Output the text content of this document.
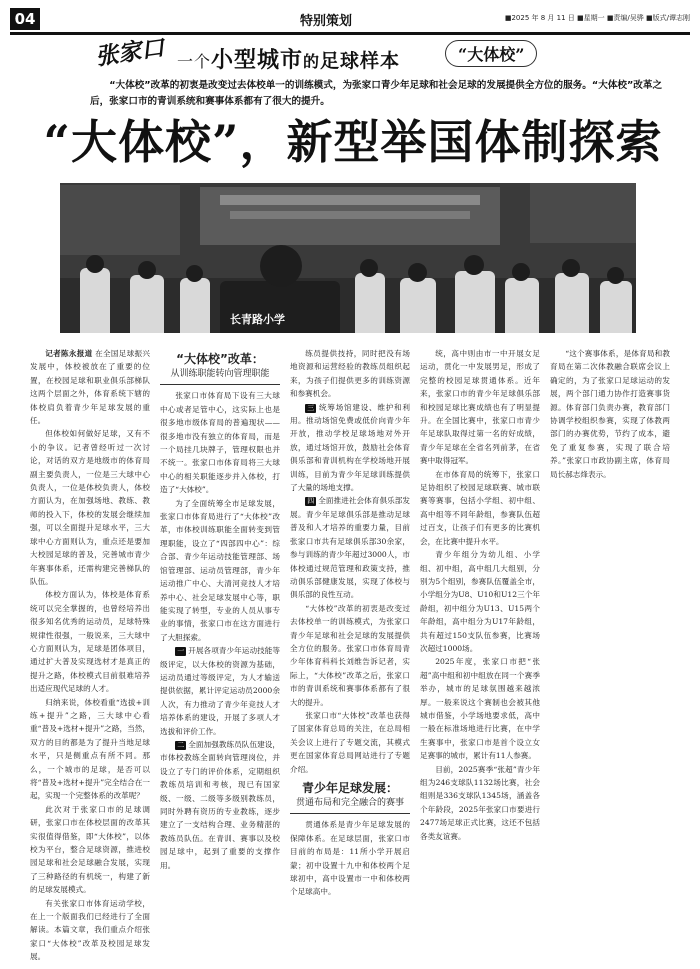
04	特别策划	■2025 年 8 月 11 日 ■星期一 ■责编/吴骅 ■版式/谭志刚
张家口 一个小型城市的足球样本	“大体校”
“大体校”改革的初衷是改变过去体校单一的训练模式，为张家口青少年足球和社会足球的发展提供全方位的服务。“大体校”改革之后，张家口市的青训系统和赛事体系都有了很大的提升。
“大体校”，新型举国体制探索
长青路小学

记者陈永报道 在全国足球振兴发展中，体校被放在了重要的位置，在校园足球和职业俱乐部梯队这两个层面之外，体育系统下辖的体校肩负着青少年足球发展的重任。

但体校如何做好足球，又有不小的争议。记者曾经听过一次讨论，对话的双方是地级市的体育局副主要负责人，一位是三大球中心负责人，一位是体校负责人，体校方面认为，在加强场地、教练、教师的投入下，体校的发展会继续加强，可以全面提升足球水平，三大球中心方面则认为，重点还是要加大校园足球的普及，完善城市青少年赛事体系，还需构建完善梯队的队伍。

体校方面认为，体校是体育系统可以完全掌握的，也曾经培养出很多知名优秀的运动员，足球特殊规律性很强，一般说来，三大球中心方面则认为，足球是团体项目，通过扩大普及实现选材才是真正的提升之路，体校模式目前很难培养出适应现代足球的人才。

归纳来说，体校看重“选拔+训练+提升”之路，三大球中心看重“普及+选材+提升”之路，当然，双方的目的都是为了提升当地足球水平，只是侧重点有所不同。那么，一个城市的足球，是否可以将“普及+选材+提升”完全结合在一起，实现一个完整体系的改革呢？

此次对于张家口市的足球调研，张家口市在体校层面的改革其实很值得借鉴，即“大体校”，以体校为平台，整合足球资源，推进校园足球和社会足球融合发展，实现了三种路径的有机统一，构建了新的足球发展模式。

有关张家口市体育运动学校，在上一个版面我们已经进行了全面解读。本篇文章，我们重点介绍张家口“大体校”改革及校园足球发展。

“大体校”改革：
从训练职能转向管理职能

张家口市体育局下设有三大球中心或者足管中心，这实际上也是很多地市级体育局的普遍现状——很多地市没有独立的体育局，而是一个局挂几块牌子，管理权限也并不统一。张家口市体育局将三大球中心的相关职能逐步并入体校，打造了“大体校”。

为了全面统筹全市足球发展，张家口市体育局进行了“大体校”改革，市体校训练职能全面转变到管理职能，设立了“四部四中心”：综合部、青少年运动技能管理部、场馆管理部、运动员管理部，青少年运动推广中心、大清河竞技人才培养中心、社会足球发展中心等，职能实现了转型，专业的人员从事专业的事情，张家口市在这方面进行了大胆探索。

一 开展各项青少年运动技能等级评定，以大体校的资源为基础，运动员通过等级评定，为人才输送提供依据，累计评定运动员2000余人次，有力推动了青少年竞技人才培养体系的建设，开展了多项人才选拔和评价工作。

二 全面加强教练员队伍建设，市体校教练全面转向管理岗位，并设立了专门的评价体系，定期组织教练员培训和考核，现已有国家级、一级、二级等多级别教练员，同时外聘有资历的专业教练，逐步建立了一支结构合理、业务精湛的教练员队伍。在青训、赛事以及校园足球中，起到了重要的支撑作用。

练员提供技持，同时把没有场地资源和运营经验的教练员组织起来，为孩子们提供更多的训练资源和参赛机会。

三 统筹场馆建设、维护和利用。推动场馆免费或低价向青少年开放，推动学校足球场地对外开放，通过场馆开放，鼓励社会体育俱乐部和青训机构在学校场地开展训练，目前为青少年足球训练提供了大量的场地支撑。

四 全面推进社会体育俱乐部发展。青少年足球俱乐部是推动足球普及和人才培养的重要力量，目前张家口市共有足球俱乐部30余家，参与训练的青少年超过3000人，市体校通过规范管理和政策支持，推动俱乐部健康发展，实现了体校与俱乐部的良性互动。

“大体校”改革的初衷是改变过去体校单一的训练模式，为张家口青少年足球和社会足球的发展提供全方位的服务。张家口市体育局青少年体育科科长刘维告诉记者，实际上，“大体校”改革之后，张家口市的青训系统和赛事体系都有了很大的提升。

张家口市“大体校”改革也获得了国家体育总局的关注，在总局相关会议上进行了专题交流，其模式更在国家体育总局网站进行了专题介绍。

青少年足球发展：
贯通布局和完全融合的赛事

贯通体系是青少年足球发展的保障体系。在足球层面，张家口市目前的布局是：11所小学开展启蒙；初中设置十九中和体校两个足球初中，高中设置市一中和体校两个足球高中。

统，高中则由市一中开展女足运动，贯化一中发展男足，形成了完整的校园足球贯通体系。近年来，张家口市的青少年足球俱乐部和校园足球比赛成绩也有了明显提升。在全国比赛中，张家口市青少年足球队取得过第一名的好成绩，青少年足球在全省名列前茅，在省赛中取得冠军。

在市体育局的统筹下，张家口足协组织了校园足球联赛、城市联赛等赛事，包括小学组、初中组、高中组等不同年龄组，参赛队伍超过百支，让孩子们有更多的比赛机会，在比赛中提升水平。

青少年组分为幼儿组、小学组、初中组，高中组几大组别，分别为5个组别，参赛队伍覆盖全市，小学组分为U8、U10和U12三个年龄组，初中组分为U13、U15两个年龄组，高中组分为U17年龄组，共有超过150支队伍参赛，比赛场次超过1000场。

2025年度，张家口市把“张超”高中组和初中组放在同一个赛季举办，城市的足球氛围越来越浓厚。一般来说这个赛制也会被其他城市借鉴，小学场地要求低，高中一般在标准场地进行比赛，在中学生赛事中，张家口市是首个设立女足赛事的城市，累计有11人参赛。

目前，2025赛季“张超”青少年组为246支球队1132场比赛，社会组则是336支球队1345场，涵盖各个年龄段，2025年张家口市要进行2477场足球正式比赛，这还不包括各类友谊赛。

“这个赛事体系，是体育局和教育局在第二次体教融合联席会议上确定的，为了张家口足球运动的发展，两个部门通力协作打造赛事货源。体育部门负责办赛，教育部门协调学校组织参赛，实现了体教两部门的办赛优势，节约了成本，避免了重复参赛，实现了联合培养。”张家口市政协副主席，体育局局长郝志烽表示。
